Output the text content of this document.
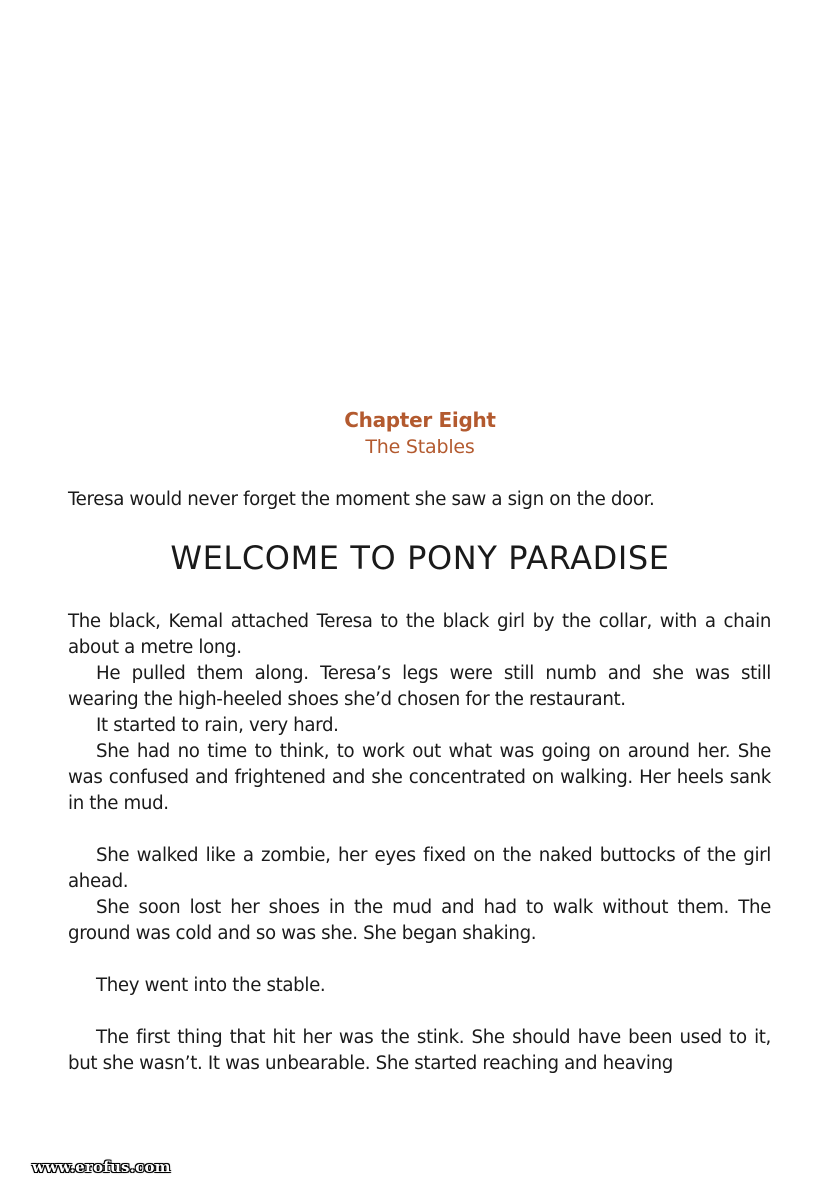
Chapter Eight
The Stables
Teresa would never forget the moment she saw a sign on the door.
WELCOME TO PONY PARADISE

The black, Kemal attached Teresa to the black girl by the collar, with a chain about a metre long.

He pulled them along. Teresa’s legs were still numb and she was still wearing the high-heeled shoes she’d chosen for the restaurant.

It started to rain, very hard.

She had no time to think, to work out what was going on around her. She was confused and frightened and she concentrated on walking. Her heels sank in the mud.

She walked like a zombie, her eyes fixed on the naked buttocks of the girl ahead.

She soon lost her shoes in the mud and had to walk without them. The ground was cold and so was she. She began shaking.

They went into the stable.

The first thing that hit her was the stink. She should have been used to it, but she wasn’t. It was unbearable. She started reaching and heaving

www.erofus.com
